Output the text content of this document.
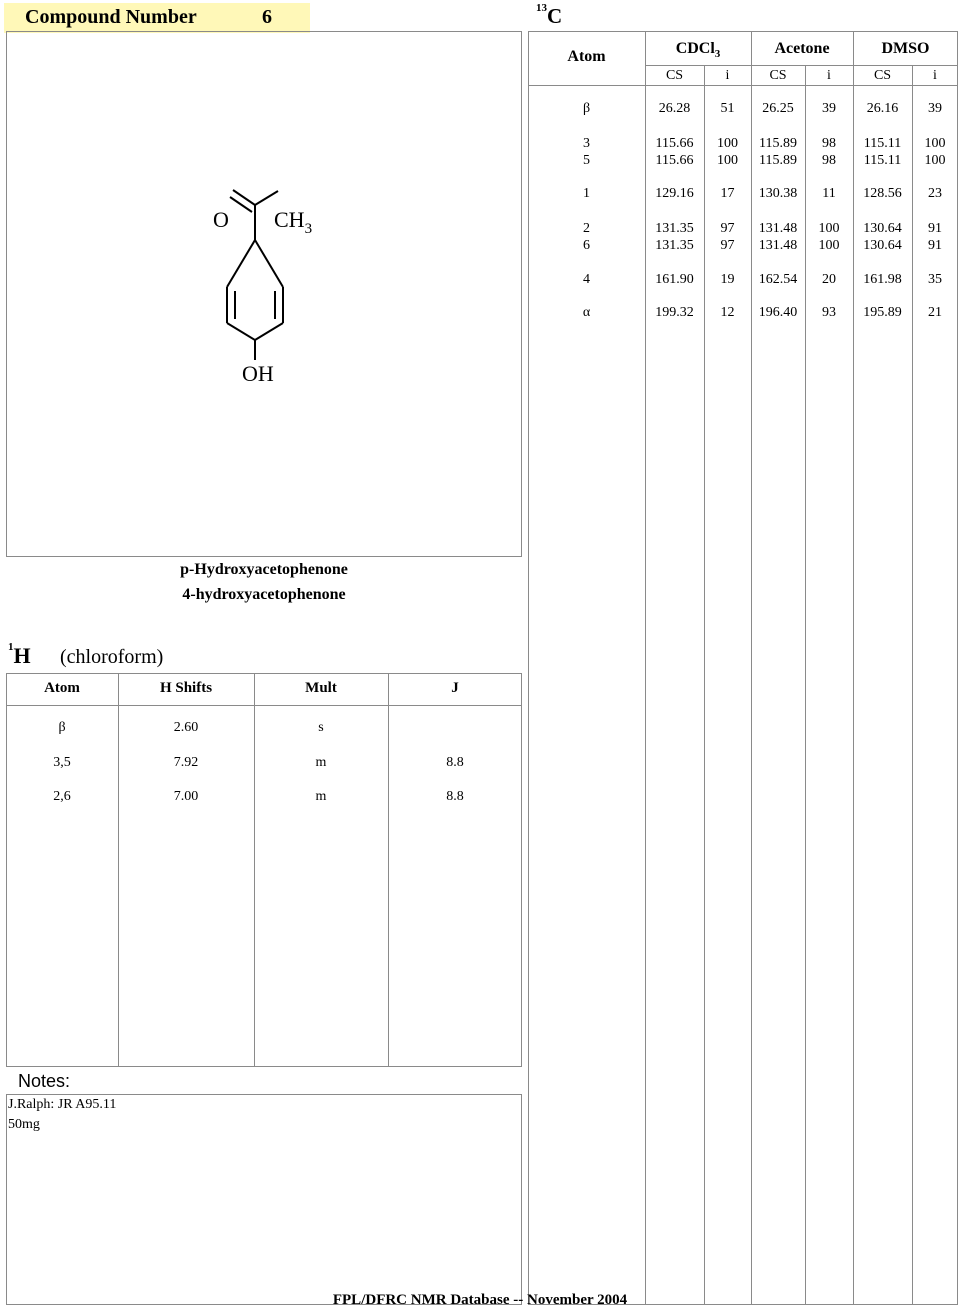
Compound Number	6
O $CH_3$
OH
p-Hydroxyacetophenone
4-hydroxyacetophenone
$^{13}$C
Atom	CDCl$_3$	Acetone	DMSO
CS	i	CS	i	CS	i
β	26.28	51	26.25	39	26.16	39
3	115.66	100	115.89	98	115.11	100
5	115.66	100	115.89	98	115.11	100
1	129.16	17	130.38	11	128.56	23
2	131.35	97	131.48	100	130.64	91
6	131.35	97	131.48	100	130.64	91
4	161.90	19	162.54	20	161.98	35
α	199.32	12	196.40	93	195.89	21
$^1$H (chloroform)
Atom	H Shifts	Mult	J
β	2.60	s
3,5	7.92	m	8.8
2,6	7.00	m	8.8
Notes:
J.Ralph: JR A95.11
50mg
FPL/DFRC NMR Database -- November 2004
